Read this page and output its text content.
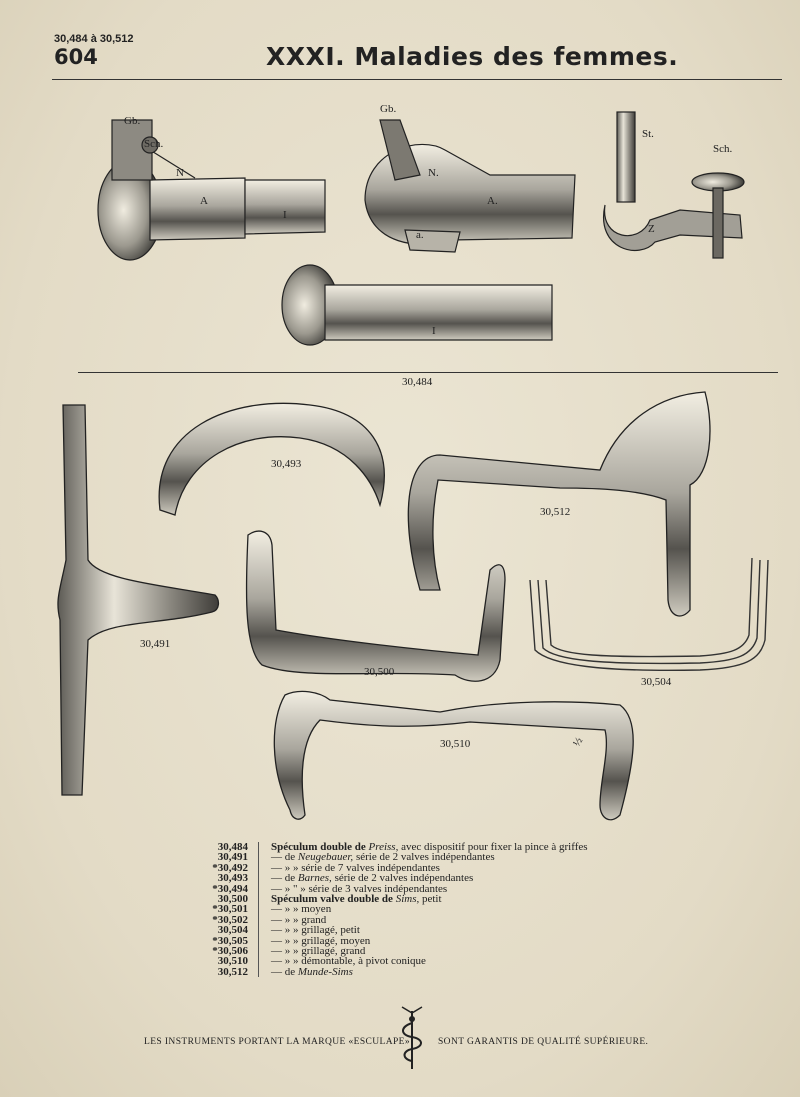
30,484 à 30,512
604	XXXI. Maladies des femmes.
Gb.
Sch.
N
A
I
Gb.
N.
A.
a.
St.
Sch.
Z
I
30,484
30,493
30,512
30,491
30,500
30,504
30,510	½
30,484	Spéculum double de Preiss, avec dispositif pour fixer la pince à griffes
30,491	— de Neugebauer, série de 2 valves indépendantes
*30,492	— » » série de 7 valves indépendantes
30,493	— de Barnes, série de 2 valves indépendantes
*30,494	— » " » série de 3 valves indépendantes
30,500	Spéculum valve double de Sims, petit
*30,501	— » » moyen
*30,502	— » » grand
30,504	— » » grillagé, petit
*30,505	— » » grillagé, moyen
*30,506	— » » grillagé, grand
30,510	— » » démontable, à pivot conique
30,512	— de Munde-Sims
LES INSTRUMENTS PORTANT LA MARQUE «ESCULAPE»	SONT GARANTIS DE QUALITÉ SUPÉRIEURE.
